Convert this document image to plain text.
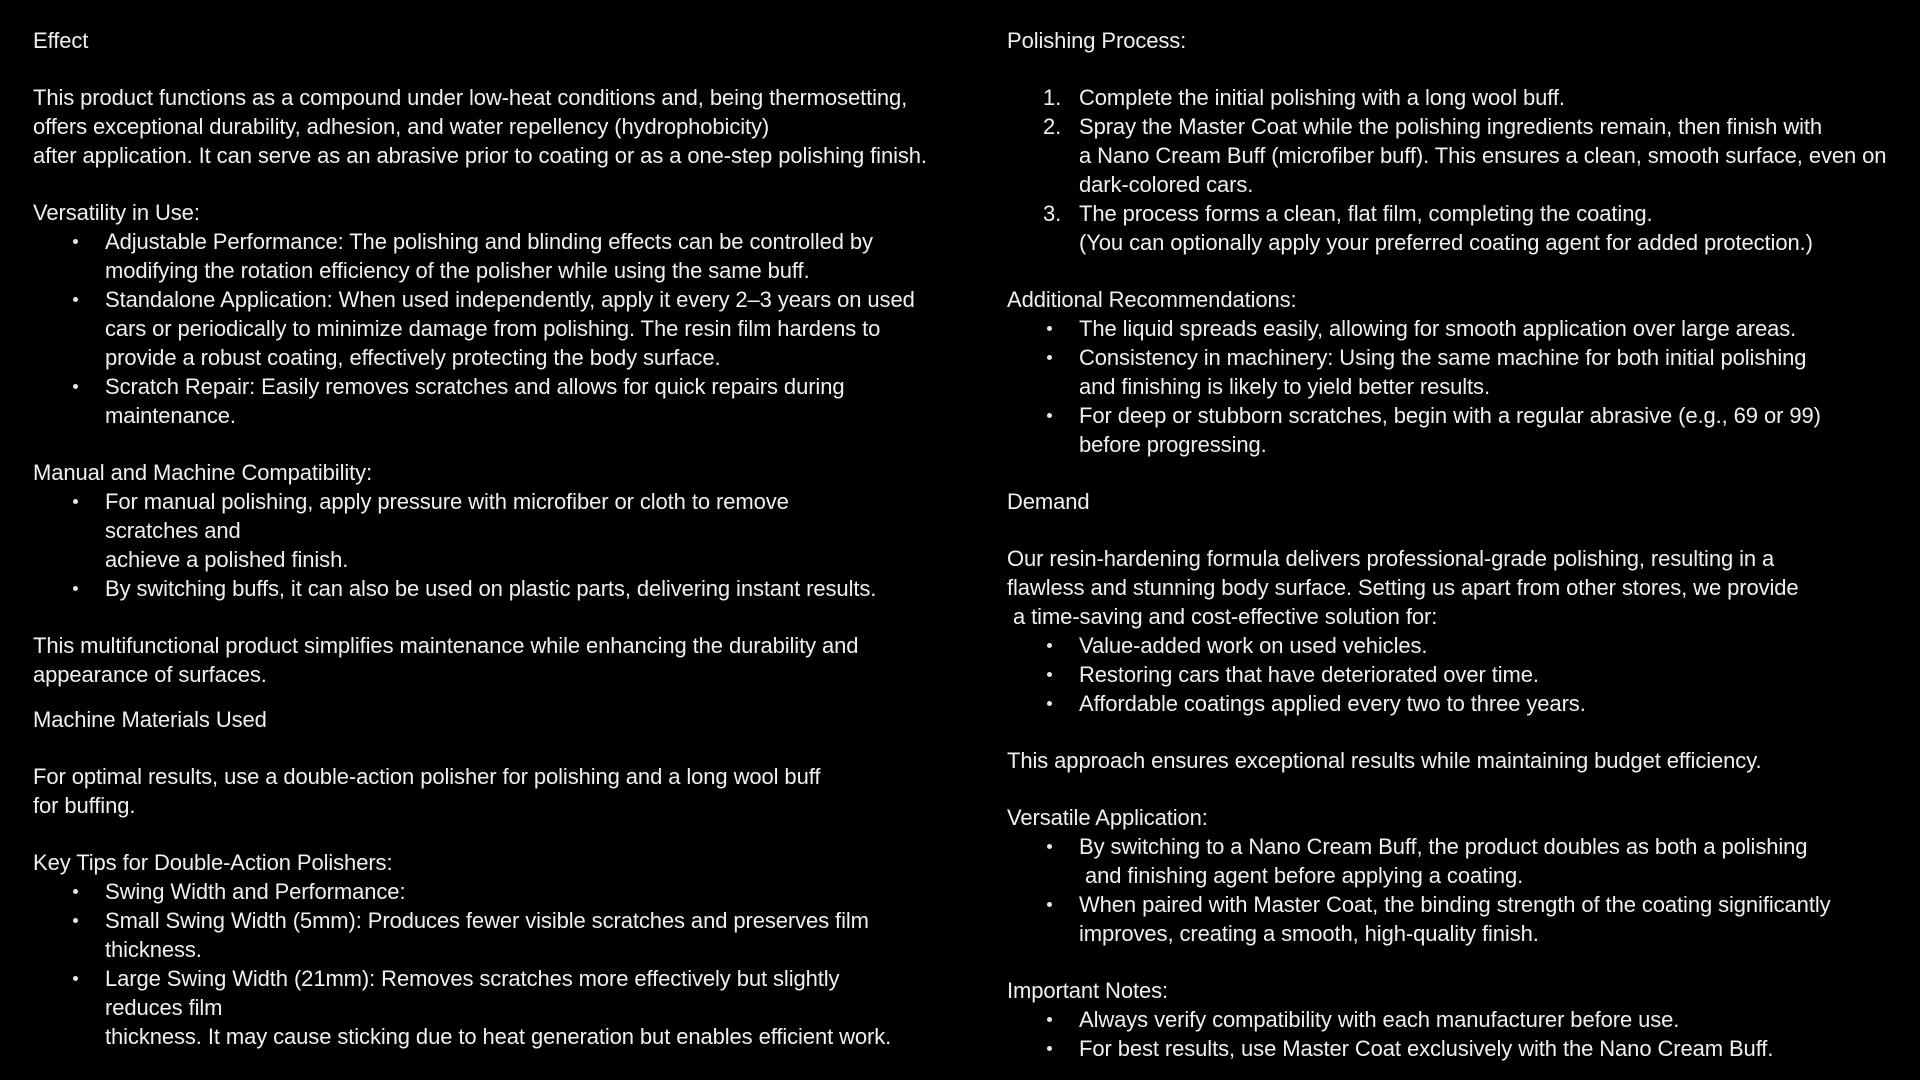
Effect
This product functions as a compound under low-heat conditions and, being thermosetting,
offers exceptional durability, adhesion, and water repellency (hydrophobicity)
after application. It can serve as an abrasive prior to coating or as a one-step polishing finish.
Versatility in Use:
Adjustable Performance: The polishing and blinding effects can be controlled by
modifying the rotation efficiency of the polisher while using the same buff.
Standalone Application: When used independently, apply it every 2–3 years on used
cars or periodically to minimize damage from polishing. The resin film hardens to
provide a robust coating, effectively protecting the body surface.
Scratch Repair: Easily removes scratches and allows for quick repairs during
maintenance.
Manual and Machine Compatibility:
For manual polishing, apply pressure with microfiber or cloth to remove
scratches and
achieve a polished finish.
By switching buffs, it can also be used on plastic parts, delivering instant results.
This multifunctional product simplifies maintenance while enhancing the durability and
appearance of surfaces.
Machine Materials Used
For optimal results, use a double-action polisher for polishing and a long wool buff
for buffing.
Key Tips for Double-Action Polishers:
Swing Width and Performance:
Small Swing Width (5mm): Produces fewer visible scratches and preserves film
thickness.
Large Swing Width (21mm): Removes scratches more effectively but slightly
reduces film
thickness. It may cause sticking due to heat generation but enables efficient work.
Polishing Process:
1. Complete the initial polishing with a long wool buff.
2. Spray the Master Coat while the polishing ingredients remain, then finish with
a Nano Cream Buff (microfiber buff). This ensures a clean, smooth surface, even on
dark-colored cars.
3. The process forms a clean, flat film, completing the coating.
(You can optionally apply your preferred coating agent for added protection.)
Additional Recommendations:
The liquid spreads easily, allowing for smooth application over large areas.
Consistency in machinery: Using the same machine for both initial polishing
and finishing is likely to yield better results.
For deep or stubborn scratches, begin with a regular abrasive (e.g., 69 or 99)
before progressing.
Demand
Our resin-hardening formula delivers professional-grade polishing, resulting in a
flawless and stunning body surface. Setting us apart from other stores, we provide
a time-saving and cost-effective solution for:
Value-added work on used vehicles.
Restoring cars that have deteriorated over time.
Affordable coatings applied every two to three years.
This approach ensures exceptional results while maintaining budget efficiency.
Versatile Application:
By switching to a Nano Cream Buff, the product doubles as both a polishing
and finishing agent before applying a coating.
When paired with Master Coat, the binding strength of the coating significantly
improves, creating a smooth, high-quality finish.
Important Notes:
Always verify compatibility with each manufacturer before use.
For best results, use Master Coat exclusively with the Nano Cream Buff.
